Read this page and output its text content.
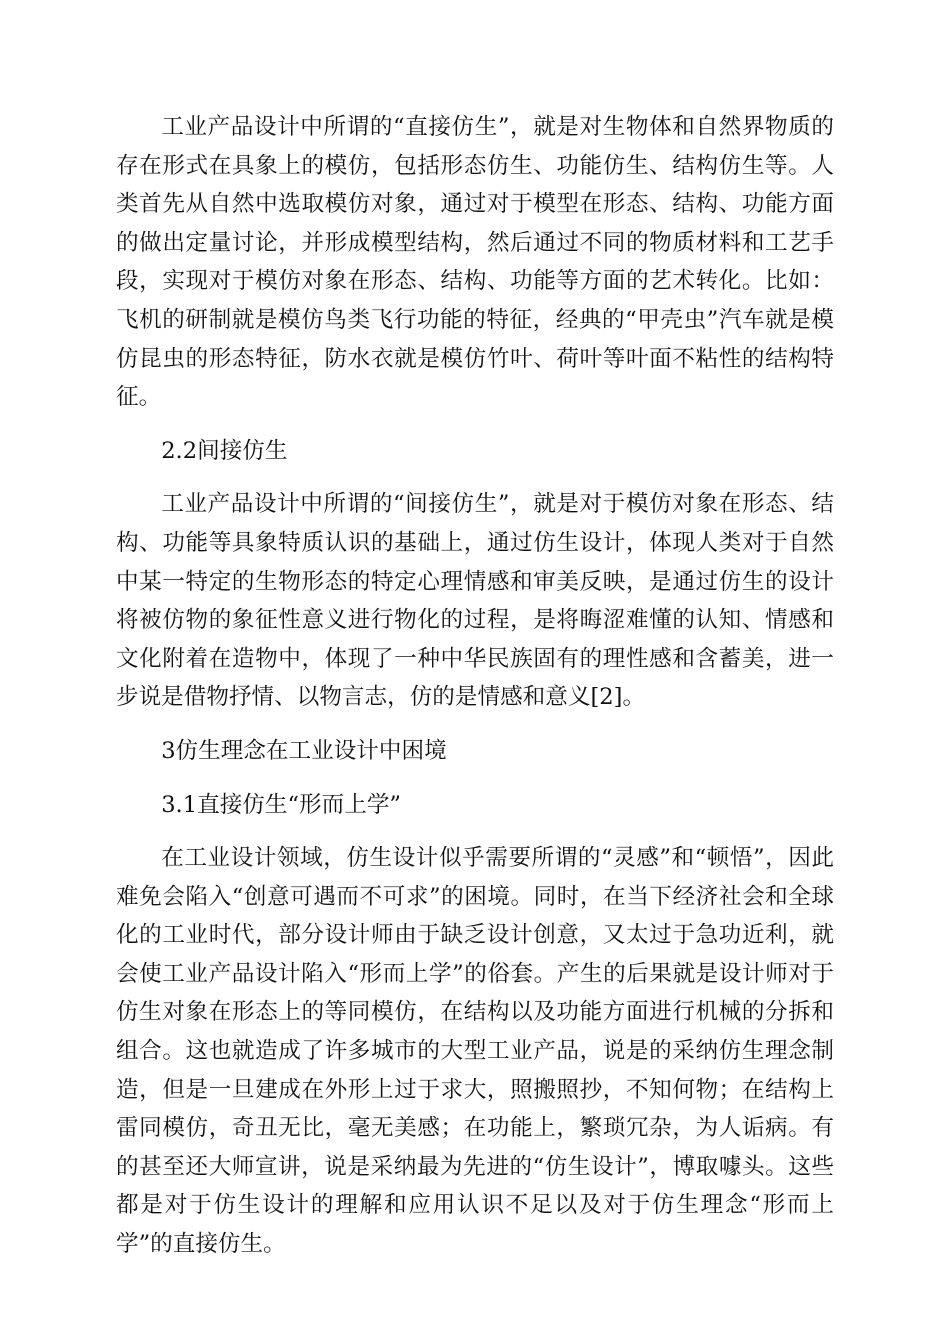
工业产品设计中所谓的“直接仿生”，就是对生物体和自然界物质的存在形式在具象上的模仿，包括形态仿生、功能仿生、结构仿生等。人类首先从自然中选取模仿对象，通过对于模型在形态、结构、功能方面的做出定量讨论，并形成模型结构，然后通过不同的物质材料和工艺手段，实现对于模仿对象在形态、结构、功能等方面的艺术转化。比如：飞机的研制就是模仿鸟类飞行功能的特征，经典的“甲壳虫”汽车就是模仿昆虫的形态特征，防水衣就是模仿竹叶、荷叶等叶面不粘性的结构特征。

2.2间接仿生

工业产品设计中所谓的“间接仿生”，就是对于模仿对象在形态、结构、功能等具象特质认识的基础上，通过仿生设计，体现人类对于自然中某一特定的生物形态的特定心理情感和审美反映，是通过仿生的设计将被仿物的象征性意义进行物化的过程，是将晦涩难懂的认知、情感和文化附着在造物中，体现了一种中华民族固有的理性感和含蓄美，进一步说是借物抒情、以物言志，仿的是情感和意义[2]。

3仿生理念在工业设计中困境

3.1直接仿生“形而上学”

在工业设计领域，仿生设计似乎需要所谓的“灵感”和“顿悟”，因此难免会陷入“创意可遇而不可求”的困境。同时，在当下经济社会和全球化的工业时代，部分设计师由于缺乏设计创意，又太过于急功近利，就会使工业产品设计陷入“形而上学”的俗套。产生的后果就是设计师对于仿生对象在形态上的等同模仿，在结构以及功能方面进行机械的分拆和组合。这也就造成了许多城市的大型工业产品，说是的采纳仿生理念制造，但是一旦建成在外形上过于求大，照搬照抄，不知何物；在结构上雷同模仿，奇丑无比，毫无美感；在功能上，繁琐冗杂，为人诟病。有的甚至还大师宣讲，说是采纳最为先进的“仿生设计”，博取噱头。这些都是对于仿生设计的理解和应用认识不足以及对于仿生理念“形而上学”的直接仿生。
